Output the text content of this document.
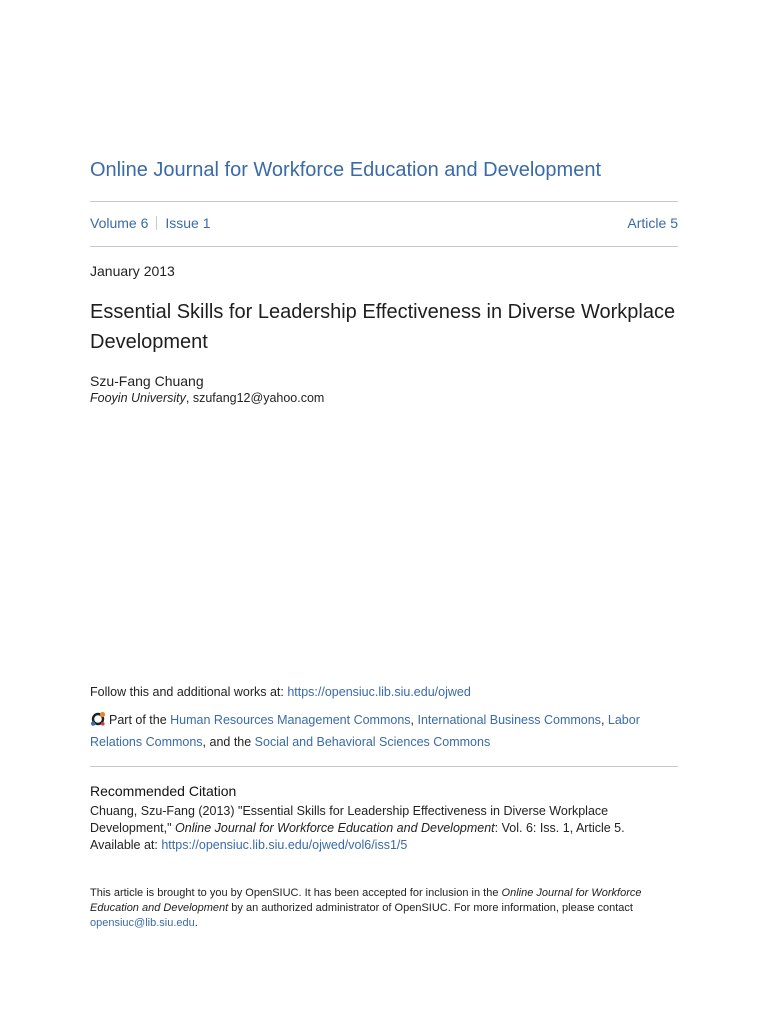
Online Journal for Workforce Education and Development
Volume 6 Issue 1	Article 5
January 2013
Essential Skills for Leadership Effectiveness in Diverse Workplace Development
Szu-Fang Chuang
Fooyin University, szufang12@yahoo.com
Follow this and additional works at: https://opensiuc.lib.siu.edu/ojwed
Part of the Human Resources Management Commons, International Business Commons, Labor Relations Commons, and the Social and Behavioral Sciences Commons
Recommended Citation
Chuang, Szu-Fang (2013) "Essential Skills for Leadership Effectiveness in Diverse Workplace Development," Online Journal for Workforce Education and Development: Vol. 6: Iss. 1, Article 5.
Available at: https://opensiuc.lib.siu.edu/ojwed/vol6/iss1/5
This article is brought to you by OpenSIUC. It has been accepted for inclusion in the Online Journal for Workforce Education and Development by an authorized administrator of OpenSIUC. For more information, please contact opensiuc@lib.siu.edu.
